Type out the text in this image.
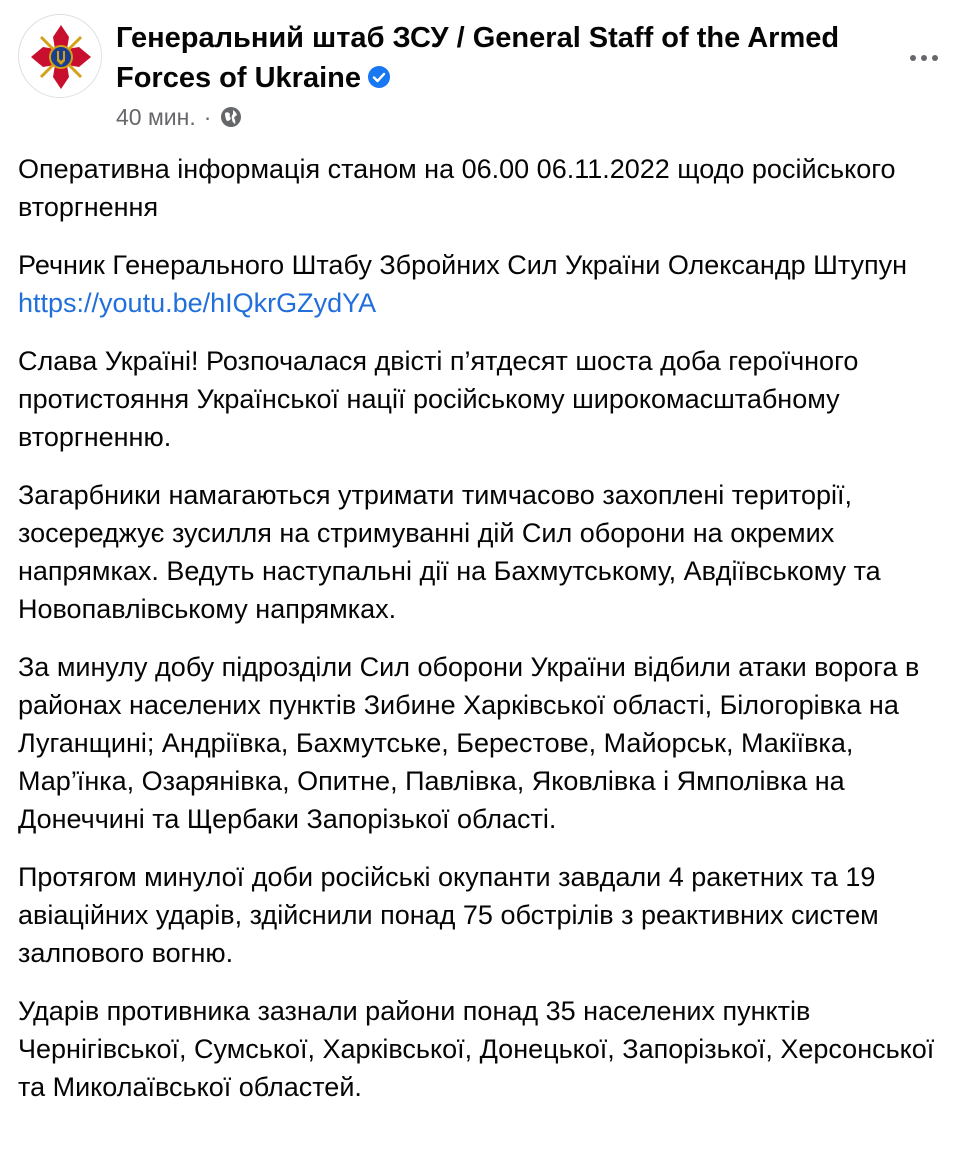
Генеральний штаб ЗСУ / General Staff of the Armed Forces of Ukraine
40 мин. ·

Оперативна інформація станом на 06.00 06.11.2022 щодо російського вторгнення

Речник Генерального Штабу Збройних Сил України Олександр Штупун https://youtu.be/hIQkrGZydYA

Слава Україні! Розпочалася двісті п’ятдесят шоста доба героїчного протистояння Української нації російському широкомасштабному вторгненню.

Загарбники намагаються утримати тимчасово захоплені території, зосереджує зусилля на стримуванні дій Сил оборони на окремих напрямках. Ведуть наступальні дії на Бахмутському, Авдіївському та Новопавлівському напрямках.

За минулу добу підрозділи Сил оборони України відбили атаки ворога в районах населених пунктів Зибине Харківської області, Білогорівка на Луганщині; Андріївка, Бахмутське, Берестове, Майорськ, Макіївка, Мар’їнка, Озарянівка, Опитне, Павлівка, Яковлівка і Ямполівка на Донеччині та Щербаки Запорізької області.

Протягом минулої доби російські окупанти завдали 4 ракетних та 19 авіаційних ударів, здійснили понад 75 обстрілів з реактивних систем залпового вогню.

Ударів противника зазнали райони понад 35 населених пунктів Чернігівської, Сумської, Харківської, Донецької, Запорізької, Херсонської та Миколаївської областей.
